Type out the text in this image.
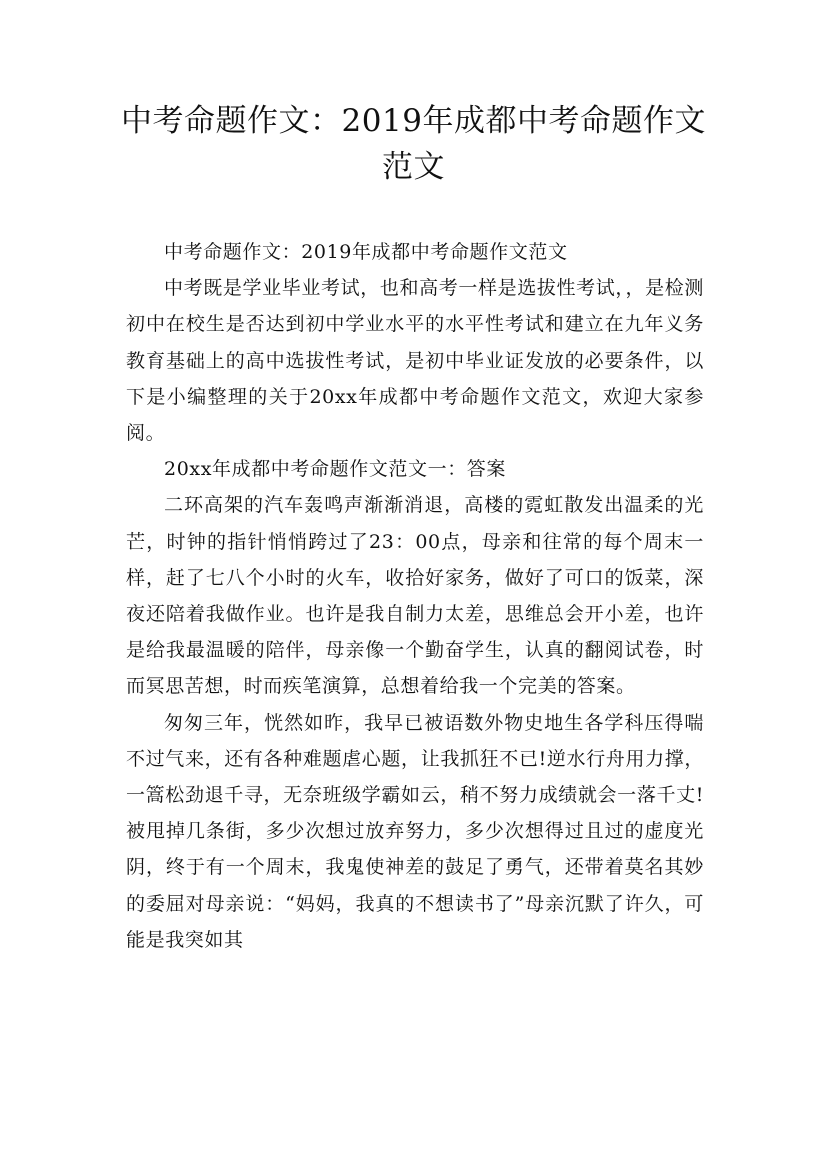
中考命题作文：2019年成都中考命题作文范文

中考命题作文：2019年成都中考命题作文范文

中考既是学业毕业考试，也和高考一样是选拔性考试，，是检测初中在校生是否达到初中学业水平的水平性考试和建立在九年义务教育基础上的高中选拔性考试，是初中毕业证发放的必要条件，以下是小编整理的关于20xx年成都中考命题作文范文，欢迎大家参阅。

20xx年成都中考命题作文范文一：答案

二环高架的汽车轰鸣声渐渐消退，高楼的霓虹散发出温柔的光芒，时钟的指针悄悄跨过了23：00点，母亲和往常的每个周末一样，赶了七八个小时的火车，收拾好家务，做好了可口的饭菜，深夜还陪着我做作业。也许是我自制力太差，思维总会开小差，也许是给我最温暖的陪伴，母亲像一个勤奋学生，认真的翻阅试卷，时而冥思苦想，时而疾笔演算，总想着给我一个完美的答案。

匆匆三年，恍然如昨，我早已被语数外物史地生各学科压得喘不过气来，还有各种难题虐心题，让我抓狂不已!逆水行舟用力撑，一篙松劲退千寻，无奈班级学霸如云，稍不努力成绩就会一落千丈!被甩掉几条街，多少次想过放弃努力，多少次想得过且过的虚度光阴，终于有一个周末，我鬼使神差的鼓足了勇气，还带着莫名其妙的委屈对母亲说：“妈妈，我真的不想读书了”母亲沉默了许久，可能是我突如其
